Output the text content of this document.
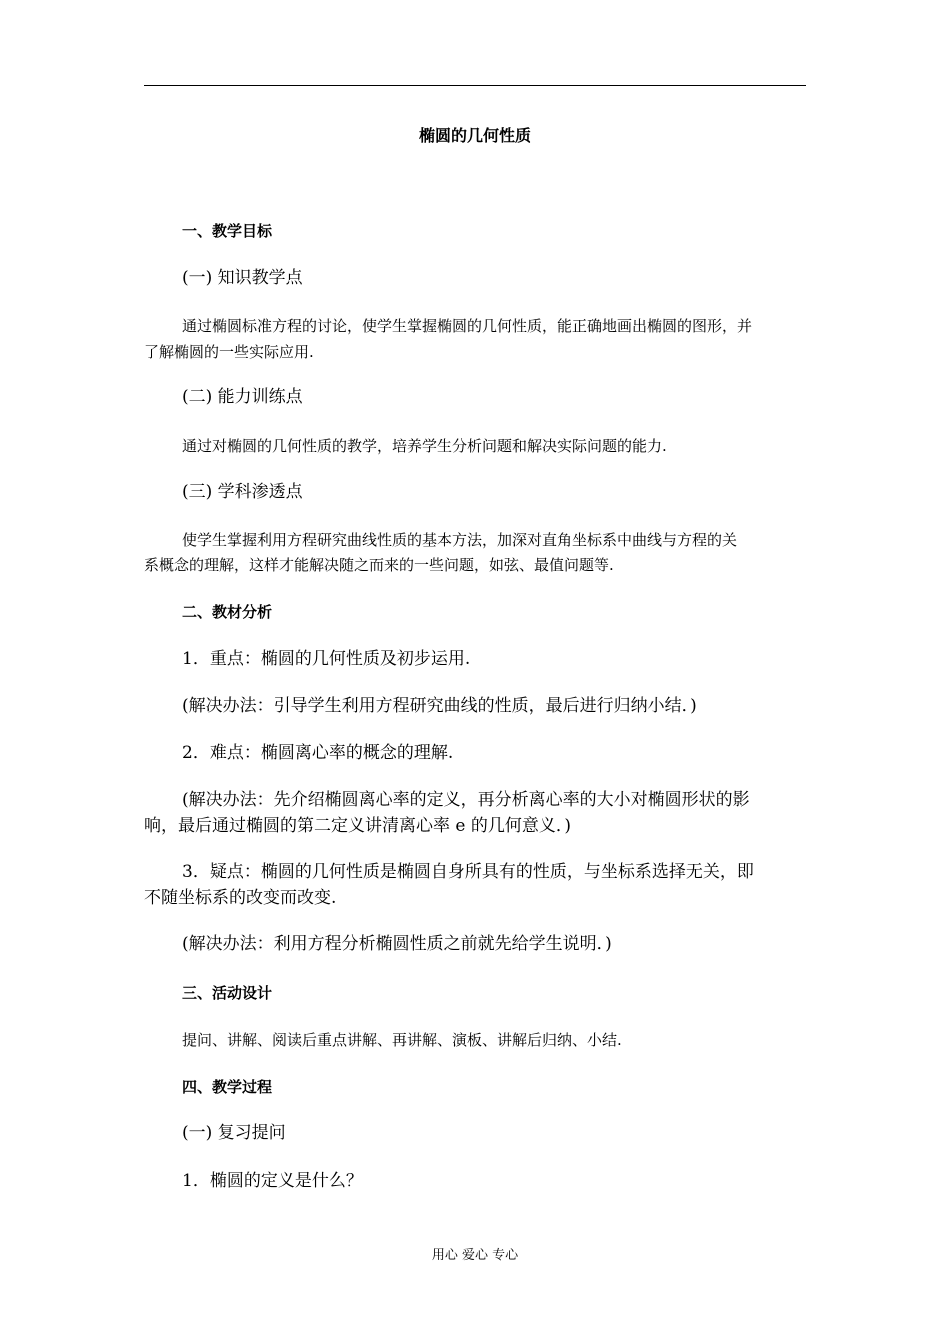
椭圆的几何性质

一、教学目标

(一) 知识教学点

通过椭圆标准方程的讨论，使学生掌握椭圆的几何性质，能正确地画出椭圆的图形，并

了解椭圆的一些实际应用.

(二) 能力训练点

通过对椭圆的几何性质的教学，培养学生分析问题和解决实际问题的能力.

(三) 学科渗透点

使学生掌握利用方程研究曲线性质的基本方法，加深对直角坐标系中曲线与方程的关

系概念的理解，这样才能解决随之而来的一些问题，如弦、最值问题等.

二、教材分析

1．重点：椭圆的几何性质及初步运用.

(解决办法：引导学生利用方程研究曲线的性质，最后进行归纳小结．)

2．难点：椭圆离心率的概念的理解.

(解决办法：先介绍椭圆离心率的定义，再分析离心率的大小对椭圆形状的影

响，最后通过椭圆的第二定义讲清离心率 e 的几何意义．)

3．疑点：椭圆的几何性质是椭圆自身所具有的性质，与坐标系选择无关，即

不随坐标系的改变而改变.

(解决办法：利用方程分析椭圆性质之前就先给学生说明．)

三、活动设计

提问、讲解、阅读后重点讲解、再讲解、演板、讲解后归纳、小结.

四、教学过程

(一) 复习提问

1．椭圆的定义是什么？

用心 爱心 专心
